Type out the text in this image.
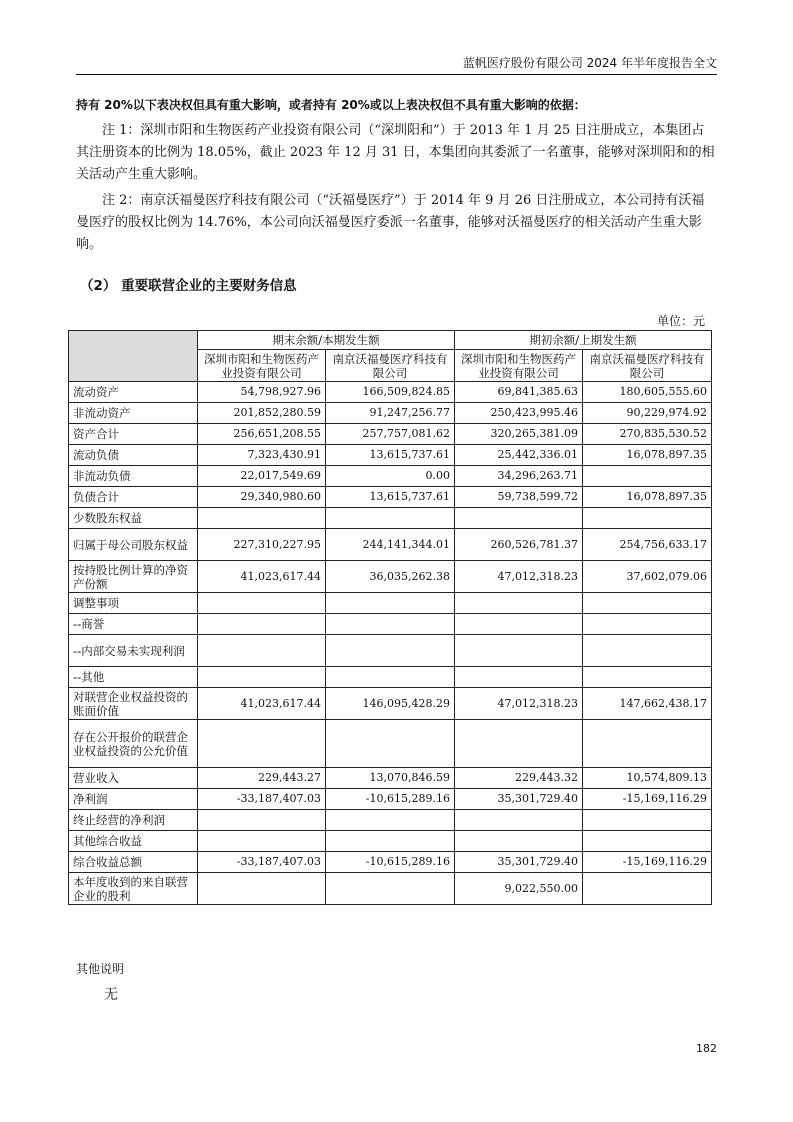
蓝帆医疗股份有限公司 2024 年半年度报告全文
持有 20%以下表决权但具有重大影响，或者持有 20%或以上表决权但不具有重大影响的依据：
注 1：深圳市阳和生物医药产业投资有限公司（“深圳阳和”）于 2013 年 1 月 25 日注册成立，本集团占其注册资本的比例为 18.05%，截止 2023 年 12 月 31 日，本集团向其委派了一名董事，能够对深圳阳和的相关活动产生重大影响。
注 2：南京沃福曼医疗科技有限公司（“沃福曼医疗”）于 2014 年 9 月 26 日注册成立，本公司持有沃福曼医疗的股权比例为 14.76%，本公司向沃福曼医疗委派一名董事，能够对沃福曼医疗的相关活动产生重大影响。
（2） 重要联营企业的主要财务信息
单位：元
	期末余额/本期发生额		期初余额/上期发生额	
	深圳市阳和生物医药产业投资有限公司	南京沃福曼医疗科技有限公司	深圳市阳和生物医药产业投资有限公司	南京沃福曼医疗科技有限公司
流动资产	54,798,927.96	166,509,824.85	69,841,385.63	180,605,555.60
非流动资产	201,852,280.59	91,247,256.77	250,423,995.46	90,229,974.92
资产合计	256,651,208.55	257,757,081.62	320,265,381.09	270,835,530.52
流动负债	7,323,430.91	13,615,737.61	25,442,336.01	16,078,897.35
非流动负债	22,017,549.69	0.00	34,296,263.71	
负债合计	29,340,980.60	13,615,737.61	59,738,599.72	16,078,897.35
少数股东权益				
归属于母公司股东权益	227,310,227.95	244,141,344.01	260,526,781.37	254,756,633.17
按持股比例计算的净资产份额	41,023,617.44	36,035,262.38	47,012,318.23	37,602,079.06
调整事项				
--商誉				
--内部交易未实现利润				
--其他				
对联营企业权益投资的账面价值	41,023,617.44	146,095,428.29	47,012,318.23	147,662,438.17
存在公开报价的联营企业权益投资的公允价值				
营业收入	229,443.27	13,070,846.59	229,443.32	10,574,809.13
净利润	-33,187,407.03	-10,615,289.16	35,301,729.40	-15,169,116.29
终止经营的净利润				
其他综合收益				
综合收益总额	-33,187,407.03	-10,615,289.16	35,301,729.40	-15,169,116.29
本年度收到的来自联营企业的股利			9,022,550.00	
其他说明
无
182
